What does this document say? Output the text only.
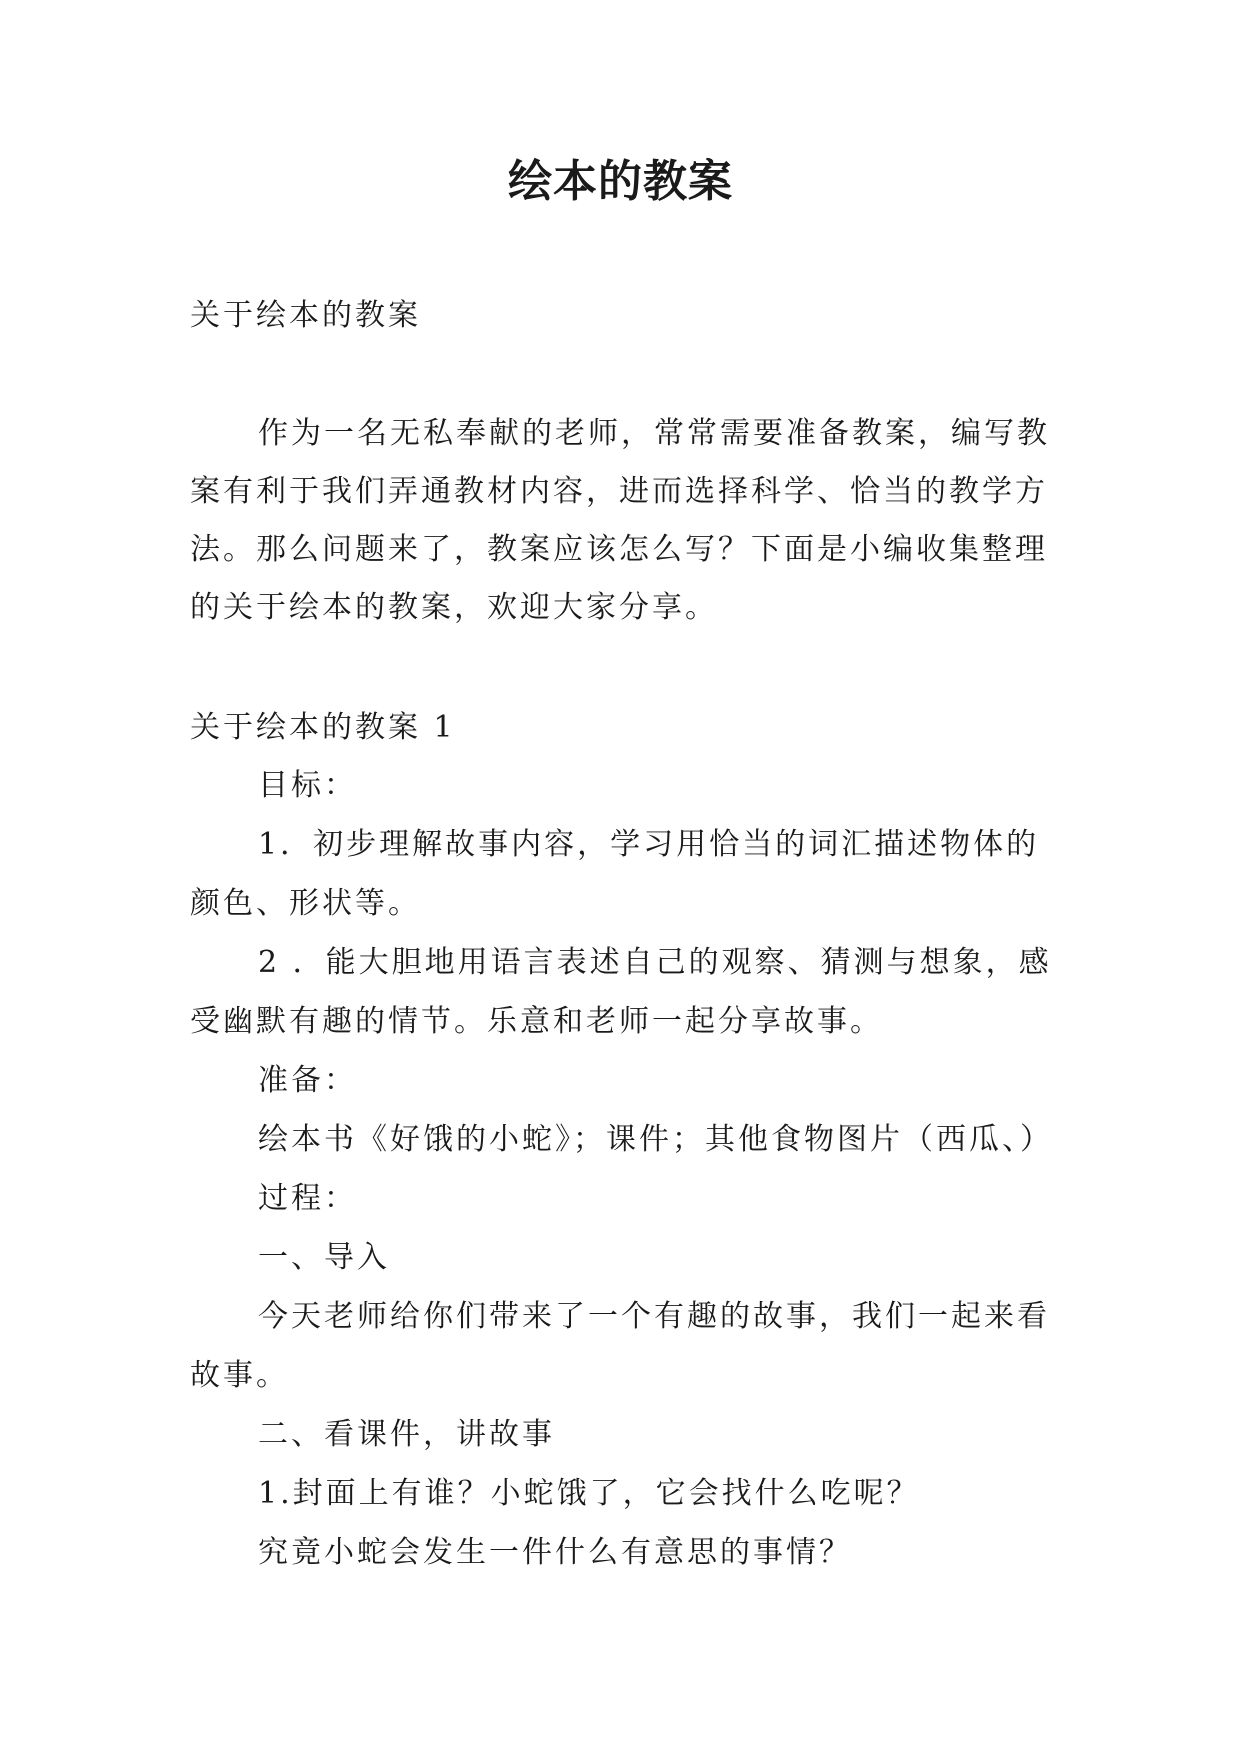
绘本的教案

关于绘本的教案

作为一名无私奉献的老师，常常需要准备教案，编写教案有利于我们弄通教材内容，进而选择科学、恰当的教学方法。那么问题来了，教案应该怎么写？下面是小编收集整理的关于绘本的教案，欢迎大家分享。

关于绘本的教案 1

目标：

1．初步理解故事内容，学习用恰当的词汇描述物体的颜色、形状等。

2 ．能大胆地用语言表述自己的观察、猜测与想象，感受幽默有趣的情节。乐意和老师一起分享故事。

准备：

绘本书《好饿的小蛇》；课件；其他食物图片（西瓜、）

过程：

一、导入

今天老师给你们带来了一个有趣的故事，我们一起来看故事。

二、看课件，讲故事

1.封面上有谁？小蛇饿了，它会找什么吃呢？

究竟小蛇会发生一件什么有意思的事情？
